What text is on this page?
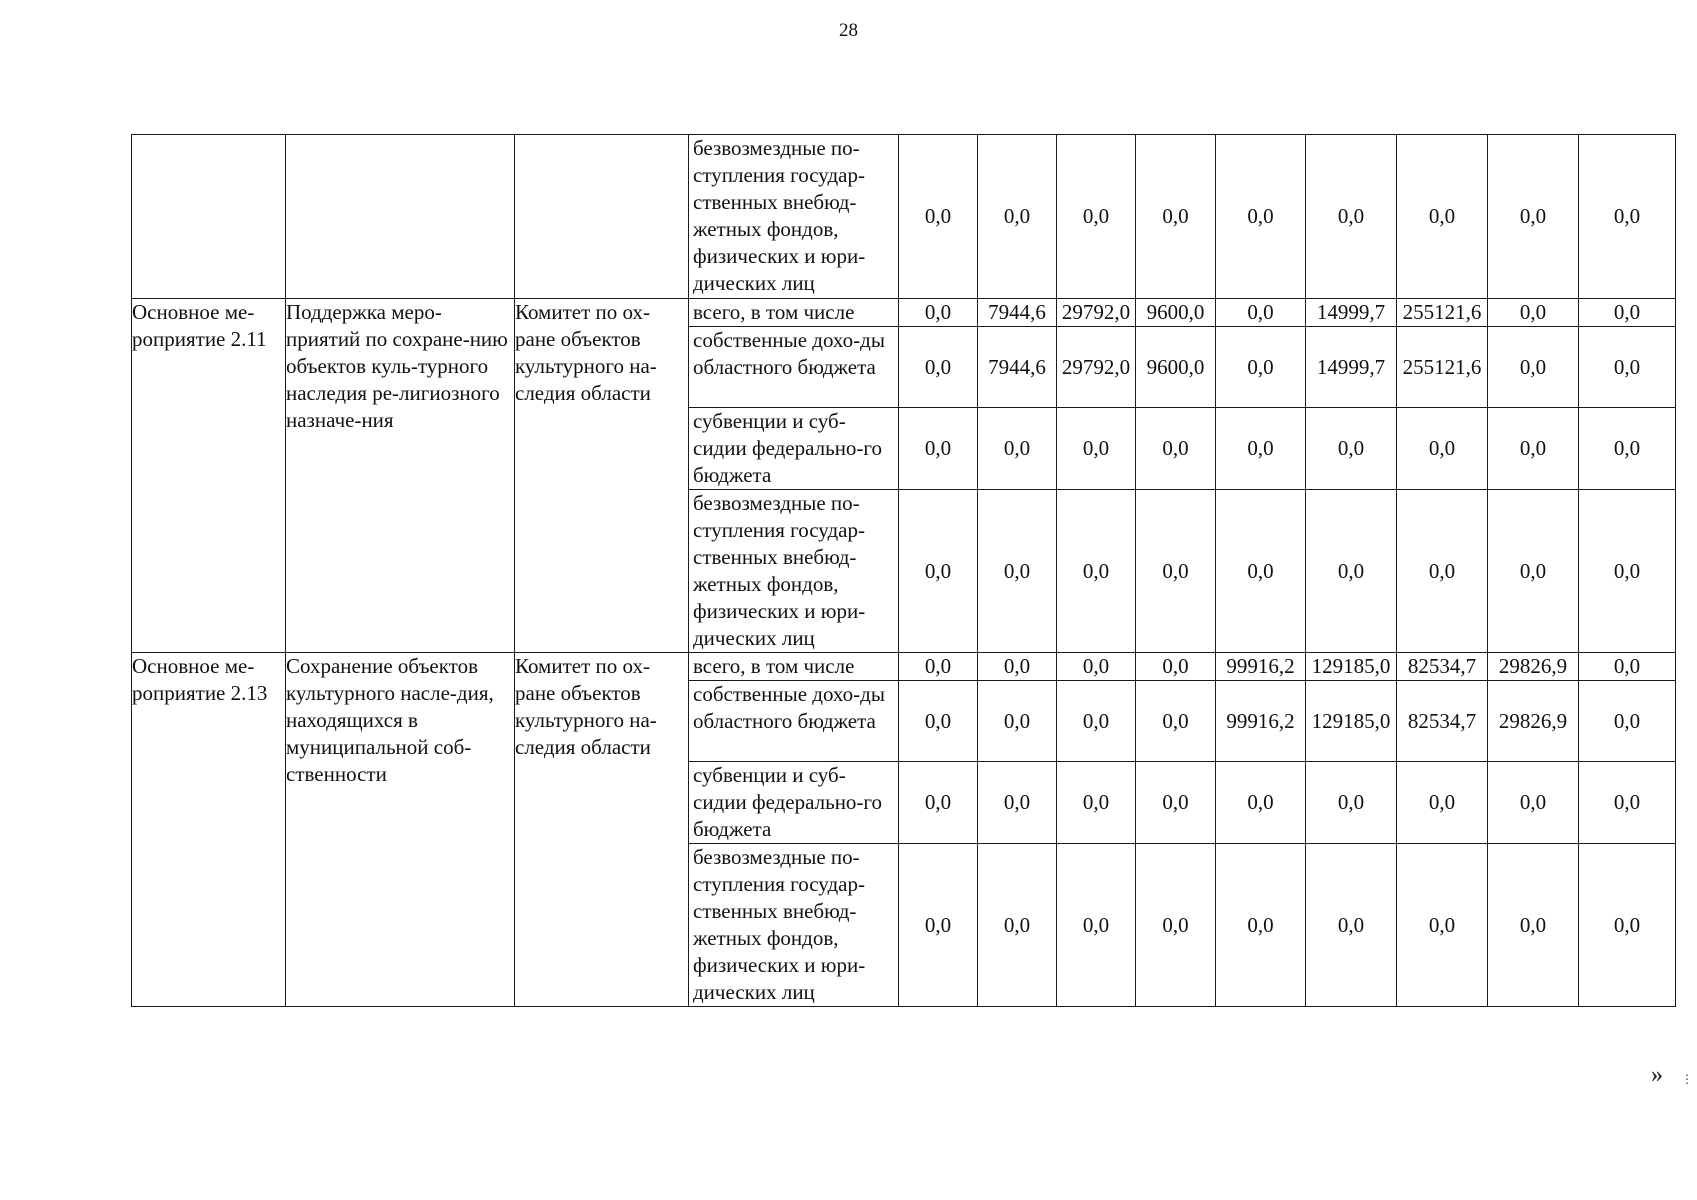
28
			безвозмездные по-ступления государ-ственных внебюд-жетных фондов, физических и юри-дических лиц	0,0	0,0	0,0	0,0	0,0	0,0	0,0	0,0	0,0
Основное ме-роприятие 2.11	Поддержка меро-приятий по сохране-нию объектов куль-турного наследия ре-лигиозного назначе-ния	Комитет по ох-ране объектов культурного на-следия области	всего, в том числе	0,0	7944,6	29792,0	9600,0	0,0	14999,7	255121,6	0,0	0,0
			собственные дохо-ды областного бюджета	0,0	7944,6	29792,0	9600,0	0,0	14999,7	255121,6	0,0	0,0
			субвенции и суб-сидии федерально-го бюджета	0,0	0,0	0,0	0,0	0,0	0,0	0,0	0,0	0,0
			безвозмездные по-ступления государ-ственных внебюд-жетных фондов, физических и юри-дических лиц	0,0	0,0	0,0	0,0	0,0	0,0	0,0	0,0	0,0
Основное ме-роприятие 2.13	Сохранение объектов культурного насле-дия, находящихся в муниципальной соб-ственности	Комитет по ох-ране объектов культурного на-следия области	всего, в том числе	0,0	0,0	0,0	0,0	99916,2	129185,0	82534,7	29826,9	0,0
			собственные дохо-ды областного бюджета	0,0	0,0	0,0	0,0	99916,2	129185,0	82534,7	29826,9	0,0
			субвенции и суб-сидии федерально-го бюджета	0,0	0,0	0,0	0,0	0,0	0,0	0,0	0,0	0,0
			безвозмездные по-ступления государ-ственных внебюд-жетных фондов, физических и юри-дических лиц	0,0	0,0	0,0	0,0	0,0	0,0	0,0	0,0	0,0
» ⋮
